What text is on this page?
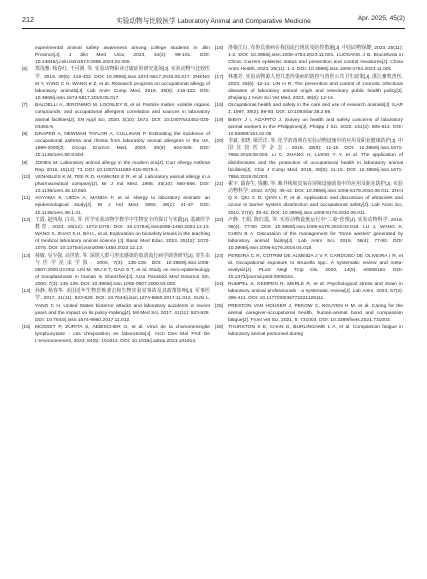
212	实验动物与比较医学 Laboratory Animal and Comparative Medicine	Apr. 2025, 45(2)

experimental animal safety awareness among college students in Jilin Province[J]. J Jilin Med Univ, 2023, 44(2): 99-101. DOI: 10.13845/j.cnki.issn1673-2995.2023.02.006.

[6]	郑茂雅, 杨春红, 王可洲, 等. 实验动物职业过敏症的研究进展[J]. 实验动物与比较医学, 2019, 39(5): 418-422. DOI: 10.3969/j.issn.1674-5817.2019.05.017. ZHENG M Y, YANG C H, WANG K Z, et al. Research progress on occupational allergy of laboratory animals[J]. Lab Anim Comp Med, 2019, 39(5): 418-422. DOI: 10.3969/j.issn.1674-5817.2019.05.017.
[7]	BALDELLI A, JERONIMO M, LOOSLEY B, et al. Particle matter, volatile organic compounds, and occupational allergens correlation and sources in laboratory animal facilities[J]. SN Appl Sci, 2020, 2(10): 1672. DOI: 10.1007/s42452-020-03465-9.
[8]	DRAPER A, NEWMAN TAYLOR A, CULLINAN P. Estimating the incidence of occupational asthma and rhinitis from laboratory animal allergens in the UK, 1999-2000[J]. Occup Environ Med, 2003, 60(8): 604-605. DOI: 10.1136/oem.60.8.604.
[9]	JONES M. Laboratory animal allergy in the modern era[J]. Curr Allergy Asthma Rep, 2015, 15(12): 73. DOI: 10.1007/s11882-015-0575-4.
[10] VENABLES K M, TEE R D, HAWKINS E R, et al. Laboratory animal allergy in a pharmaceutical company[J]. Br J Ind Med, 1988, 45(10): 660-666. DOI: 10.1136/oem.45.10.660.
[11]	AOYAMA K, UEDA A, MANDA F, et al. Allergy to laboratory animals: an epidemiological study[J]. Br J Ind Med, 1992, 49(1): 41-47. DOI: 10.1136/oem.49.1.41.
[12] 王霞, 赵四海, 白亮, 等. 医学实验动物学教学中生物安全的探讨与实践[J]. 基础医学教育, 2023, 25(12): 1072-1076. DOI: 10.13754/j.issn2095-1450.2023.12.13. WANG X, ZHAO S H, BAI L, et al. Exploration on biosafety issues in the teaching of medical laboratory animal science [J]. Basic Med Educ, 2023, 25(12): 1072-1076. DOI: 10.13754/j.issn2095-1450.2023.12.13.
[13] 林敏, 吴少强, 高世欣, 等. 深圳人群弓形虫感染的血清流行病学调查研究[J]. 寄生虫与医学昆虫学报, 2000, 7(3): 135-139. DOI: 10.3969/j.issn.1005-0507.2000.03.002. LIN M, WU S T, GAO S T, et al. Study on sero-epidemiology of toxoplasmosis in human in Shenzhen[J]. Acta Parasitol Med Entomol Sin, 2000, 7(3): 135-139. DOI: 10.3969/j.issn.1005-0507.2000.03.002.
[14] 孙静, 杨春华. 美国近年生物恐怖袭击和生物实验室事故及其政策影响[J]. 军事医学, 2017, 41(11): 923-928. DOI: 10.7644/j.issn.1674-9960.2017.11.012. SUN L, YANG C H. United States bioterror attacks and laboratory accidents in recent years and the impact on its policy-making[J]. Mil Med Sci, 2017, 41(11): 923-928. DOI: 10.7644/j.issn.1674-9960.2017.11.012.
[15] MOSSET P, ZURITA S, AEBISCHER O, et al. Virus de la choriomeningite lymphocytaire : cas d'exposition en laboratoire[J]. Arch Des Mal Prof De L'environnement, 2023, 84(6): 101914. DOI: 10.1016/j.admp.2023.101914.
[16] 洛桑江白, 布鲁氏菌病在我国流行现状及防控措施[J]. 中国动物保健, 2023, 25(11): 1-2. DOI: 10.3969/j.issn.1008-4754.2023.11.001. LUOSANG J B. Brucellosis in China: Current epidemic status and prevention and control measures[J]. China Anim Health, 2023, 25(11): 1-2. DOI: 10.3969/j.issn.1008-4754.2023.11.001.
[17] 林惠芳. 实验动物源人兽共患传染病的防控与兽医公共卫生政策[J]. 浙江畜牧兽医, 2023, 48(6): 12-14. LIN H R. The prevention and control of zoonotic infectious diseases of laboratory animal origin and veterinary public health policy[J]. Zhejiang J Anim Sci Vet Med, 2023, 48(6): 12-14.
[18] Occupational health and safety in the care and use of research animals[J]. ILAR J, 1997, 38(2): 89-93. DOI: 10.1093/ilar.38.2.89.
[19] BIBAY J I, AGAPITO J. Survey on health and safety concerns of laboratory animal workers in the Philippines[J]. Philipp J Sci, 2022, 151(2): 605-614. DOI: 10.56899/151.02.05
[20] 李斌, 张晓, 梁洋洋, 等. 化学消毒剂在实验动物设施中的应用及职业健康防护[J]. 中国比较医学杂志, 2018, 28(8): 11-15. DOI: 10.3969/j.issn.1671-7856.2018.08.003. LI C, ZHANG H, LIANG Y Y, et al. The application of disinfectants and the protection of occupational health in laboratory animal facilities[J]. Chin J Comp Med, 2018, 28(8): 11-15. DOI: 10.3969/j.issn.1671-7856.2018.08.003.
[21] 翟宇, 邱春生, 钱鹏, 等. 紫外线和臭氧在屏障设施消毒中的应用及职业防护[J]. 实验动物科学, 2010, 27(6): 39-42. DOI: 10.3969/j.issn.1006-6179.2010.06.011. ZHAI Q X, QIU C D, QIAN L P, et al. Application and discussion of ultraviolet and ozone in barrier system disinfection and occupational safety[J]. Lab Anim Sci, 2010, 27(6): 39-42. DOI: 10.3969/j.issn.1006-6179.2010.06.011.
[22] 卢静, 王娟, 陈红霞, 等. 实验动物设施运行中"三废"管理[J]. 实验动物科学, 2019, 36(4): 77-80. DOI: 10.3969/j.issn.1006-6179.2019.04.018. LU J, WANG X, CHEN B A. Discussion of the management for "three wastes" generated by laboratory animal facility[J]. Lab Anim Sci, 2019, 36(4): 77-80. DOI: 10.3969/j.issn.1006-6179.2019.04.018.
[23] PEREIRA C R, COTRIM DE ALMEIDA J V F, CARDOSO DE OLIVEIRA I R, et al. Occupational exposure to Brucella spp.: A systematic review and meta-analysis[J]. PLoS Negl Trop Dis, 2020, 14(5): e0008164. DOI: 10.1371/journal.pntd.0008164.
[24] RUMPEL S, KEMPEN R, MERLE R, et al. Psychological stress and strain in laboratory animal professionals - a systematic review[J]. Lab Anim, 2023, 57(4): 396-411. DOI: 10.1177/00236772221129111.
[25] PRESTON VAN HOUSER J, PEKOW C, NGUYEN H M, et al. Caring for the animal caregiver-occupational health, human-animal bond and compassion fatigue[J]. Front Vet Sci, 2021, 8: 731003. DOI: 10.3389/fvets.2021.731003.
[26] THURSTON S E, CHAN G, BURLINGAME L A, et al. Compassion fatigue in laboratory animal personnel during
